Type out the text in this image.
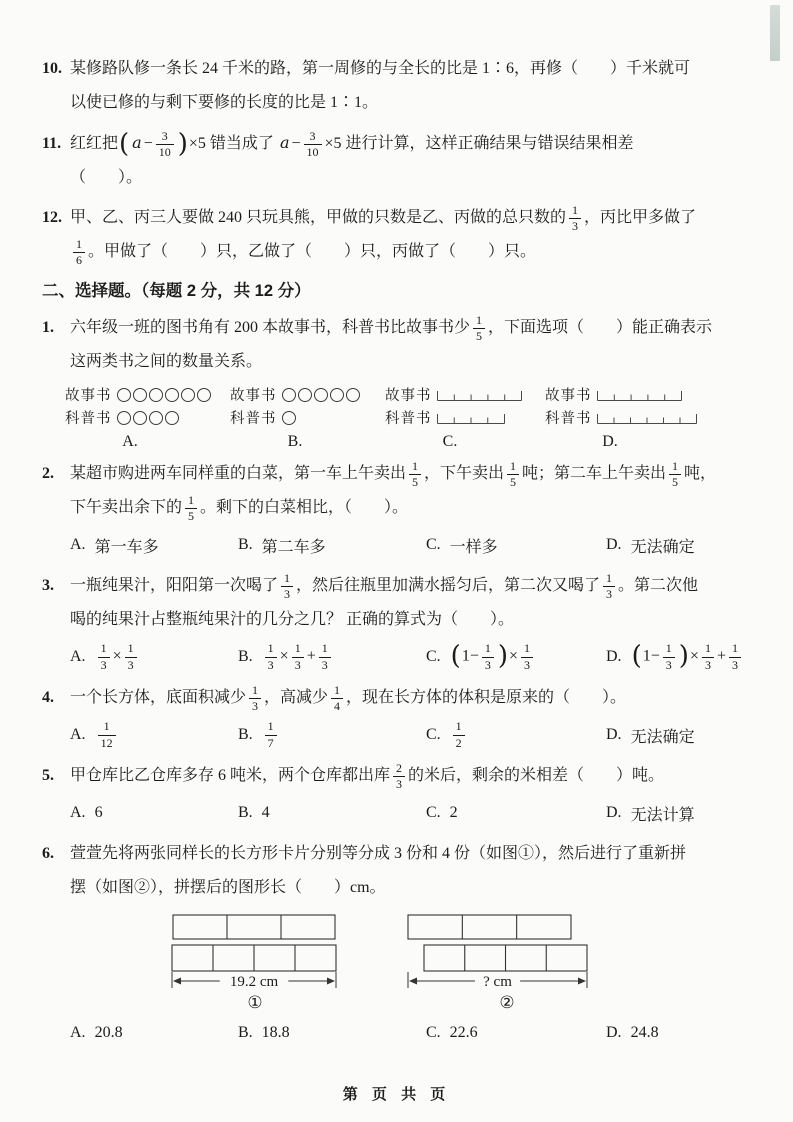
10. 某修路队修一条长 24 千米的路，第一周修的与全长的比是 1∶6，再修（　　）千米就可
以使已修的与剩下要修的长度的比是 1∶1。
11. 红红把( $a - \frac{3}{10} )\times 5$ 错当成了 $a - \frac{3}{10} \times 5$ 进行计算，这样正确结果与错误结果相差
（　　）。
12. 甲、乙、丙三人要做 240 只玩具熊，甲做的只数是乙、丙做的总只数的 $\frac{1}{3}$ ，丙比甲多做了
$\frac{1}{6}$ 。甲做了（　　）只，乙做了（　　）只，丙做了（　　）只。
二、选择题。（每题 2 分，共 12 分）
1. 六年级一班的图书角有 200 本故事书，科普书比故事书少 $\frac{1}{5}$ ，下面选项（　　）能正确表示
这两类书之间的数量关系。
故事书
科普书
A.
故事书
科普书
B.
故事书
科普书
C.
故事书
科普书
D.
2. 某超市购进两车同样重的白菜，第一车上午卖出 $\frac{1}{5}$ ，下午卖出 $\frac{1}{5}$ 吨；第二车上午卖出 $\frac{1}{5}$ 吨，
下午卖出余下的 $\frac{1}{5}$ 。剩下的白菜相比，（　　）。
A. 第一车多	B. 第二车多	C. 一样多	D. 无法确定
3. 一瓶纯果汁，阳阳第一次喝了 $\frac{1}{3}$ ，然后往瓶里加满水摇匀后，第二次又喝了 $\frac{1}{3}$ 。第二次他
喝的纯果汁占整瓶纯果汁的几分之几？ 正确的算式为（　　）。
A. $\frac{1}{3} \times \frac{1}{3}$	B. $\frac{1}{3} \times \frac{1}{3} + \frac{1}{3}$	C. ($1- \frac{1}{3}$ )× $\frac{1}{3}$	D. ($1- \frac{1}{3}$ )× $\frac{1}{3} + \frac{1}{3}$
4. 一个长方体，底面积减少 $\frac{1}{3}$ ，高减少 $\frac{1}{4}$ ，现在长方体的体积是原来的（　　）。
A. $\frac{1}{12}$	B. $\frac{1}{7}$	C. $\frac{1}{2}$	D. 无法确定
5. 甲仓库比乙仓库多存 6 吨米，两个仓库都出库 $\frac{2}{3}$ 的米后，剩余的米相差（　　）吨。
A. 6	B. 4	C. 2	D. 无法计算
6. 萱萱先将两张同样长的长方形卡片分别等分成 3 份和 4 份（如图①），然后进行了重新拼
摆（如图②），拼摆后的图形长（　　）cm。
19.2 cm
①
? cm
②
A. 20.8	B. 18.8	C. 22.6	D. 24.8
第 页 共 页
